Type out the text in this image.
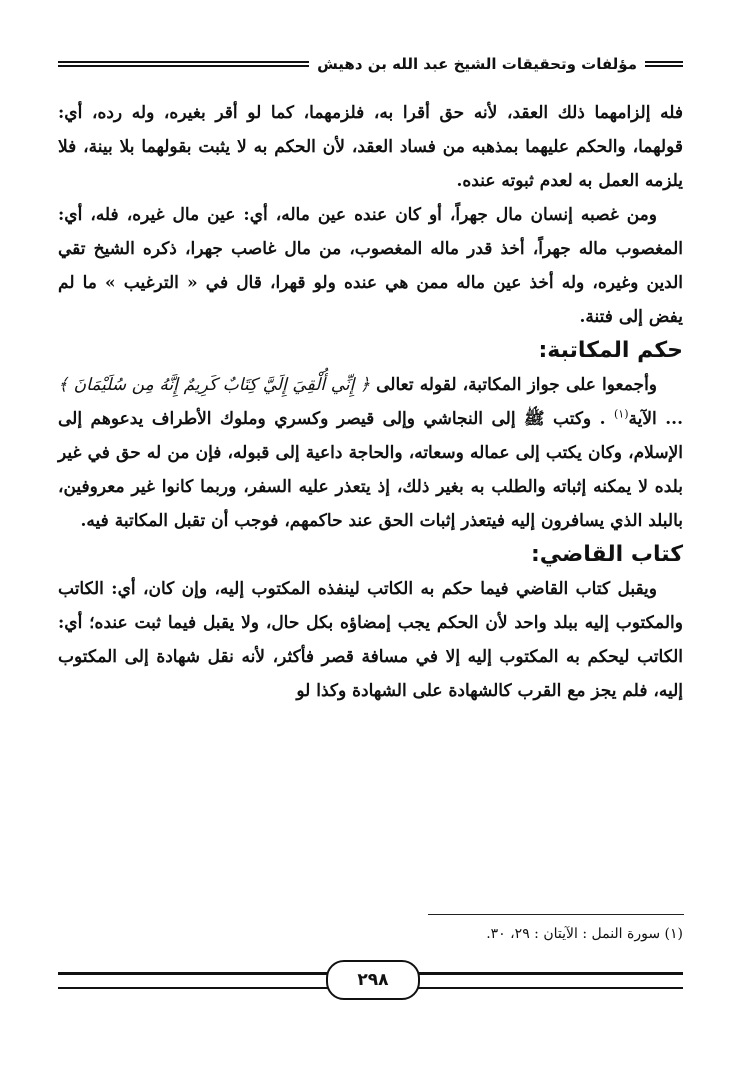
مؤلفات وتحقيقات الشيخ عبد الله بن دهيش

فله إلزامهما ذلك العقد، لأنه حق أقرا به، فلزمهما، كما لو أقر بغيره، وله رده، أي: قولهما، والحكم عليهما بمذهبه من فساد العقد، لأن الحكم به لا يثبت بقولهما بلا بينة، فلا يلزمه العمل به لعدم ثبوته عنده.

ومن غصبه إنسان مال جهراً، أو كان عنده عين ماله، أي: عين مال غيره، فله، أي: المغصوب ماله جهراً، أخذ قدر ماله المغصوب، من مال غاصب جهرا، ذكره الشيخ تقي الدين وغيره، وله أخذ عين ماله ممن هي عنده ولو قهرا، قال في « الترغيب » ما لم يفض إلى فتنة.

حكم المكاتبة:

وأجمعوا على جواز المكاتبة، لقوله تعالى ﴿ إِنِّي أُلْقِيَ إِلَيَّ كِتَابٌ كَرِيمٌ إِنَّهُ مِن سُلَيْمَانَ ﴾ ... الآية$^{(١)}$ . وكتب ﷺ إلى النجاشي وإلى قيصر وكسري وملوك الأطراف يدعوهم إلى الإسلام، وكان يكتب إلى عماله وسعاته، والحاجة داعية إلى قبوله، فإن من له حق في غير بلده لا يمكنه إثباته والطلب به بغير ذلك، إذ يتعذر عليه السفر، وربما كانوا غير معروفين، بالبلد الذي يسافرون إليه فيتعذر إثبات الحق عند حاكمهم، فوجب أن تقبل المكاتبة فيه.

كتاب القاضي:

ويقبل كتاب القاضي فيما حكم به الكاتب لينفذه المكتوب إليه، وإن كان، أي: الكاتب والمكتوب إليه ببلد واحد لأن الحكم يجب إمضاؤه بكل حال، ولا يقبل فيما ثبت عنده؛ أي: الكاتب ليحكم به المكتوب إليه إلا في مسافة قصر فأكثر، لأنه نقل شهادة إلى المكتوب إليه، فلم يجز مع القرب كالشهادة على الشهادة وكذا لو

(١) سورة النمل : الآيتان : ٢٩، ٣٠.
٢٩٨
